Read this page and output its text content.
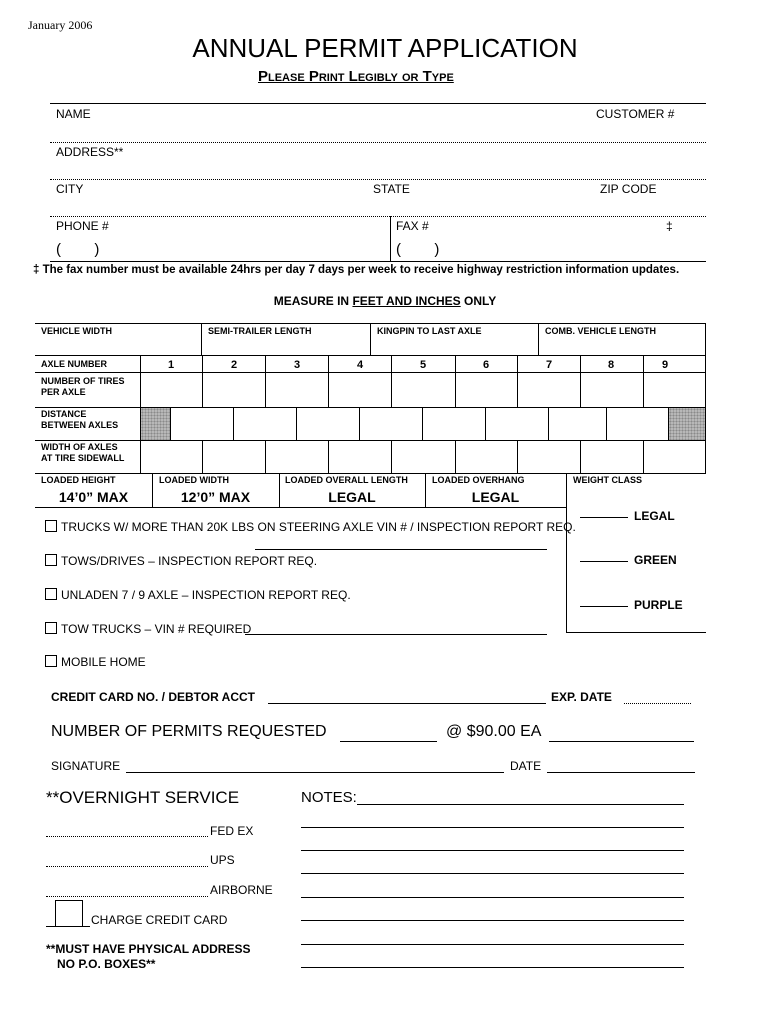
January 2006
ANNUAL PERMIT APPLICATION
Please Print Legibly or Type
NAME	CUSTOMER #
ADDRESS**
CITY	STATE	ZIP CODE
PHONE #	FAX #	‡
(        )	(        )
‡ The fax number must be available 24hrs per day 7 days per week to receive highway restriction information updates.
MEASURE IN FEET AND INCHES ONLY
VEHICLE WIDTH	SEMI-TRAILER LENGTH	KINGPIN TO LAST AXLE	COMB. VEHICLE LENGTH
AXLE NUMBER	1	2	3	4	5	6	7	8	9
NUMBER OF TIRES
PER AXLE
DISTANCE
BETWEEN AXLES
WIDTH OF AXLES
AT TIRE SIDEWALL
LOADED HEIGHT	LOADED WIDTH	LOADED OVERALL LENGTH	LOADED OVERHANG	WEIGHT CLASS
14’0” MAX	12’0” MAX	LEGAL	LEGAL
TRUCKS W/ MORE THAN 20K LBS ON STEERING AXLE VIN # / INSPECTION REPORT REQ.
TOWS/DRIVES – INSPECTION REPORT REQ.
UNLADEN 7 / 9 AXLE – INSPECTION REPORT REQ.
TOW TRUCKS – VIN # REQUIRED
MOBILE HOME
LEGAL
GREEN
PURPLE
CREDIT CARD NO. / DEBTOR ACCT	EXP. DATE
NUMBER OF PERMITS REQUESTED	@ $90.00 EA
SIGNATURE	DATE
**OVERNIGHT SERVICE	NOTES:
FED EX
UPS
AIRBORNE
CHARGE CREDIT CARD
**MUST HAVE PHYSICAL ADDRESS
NO P.O. BOXES**
